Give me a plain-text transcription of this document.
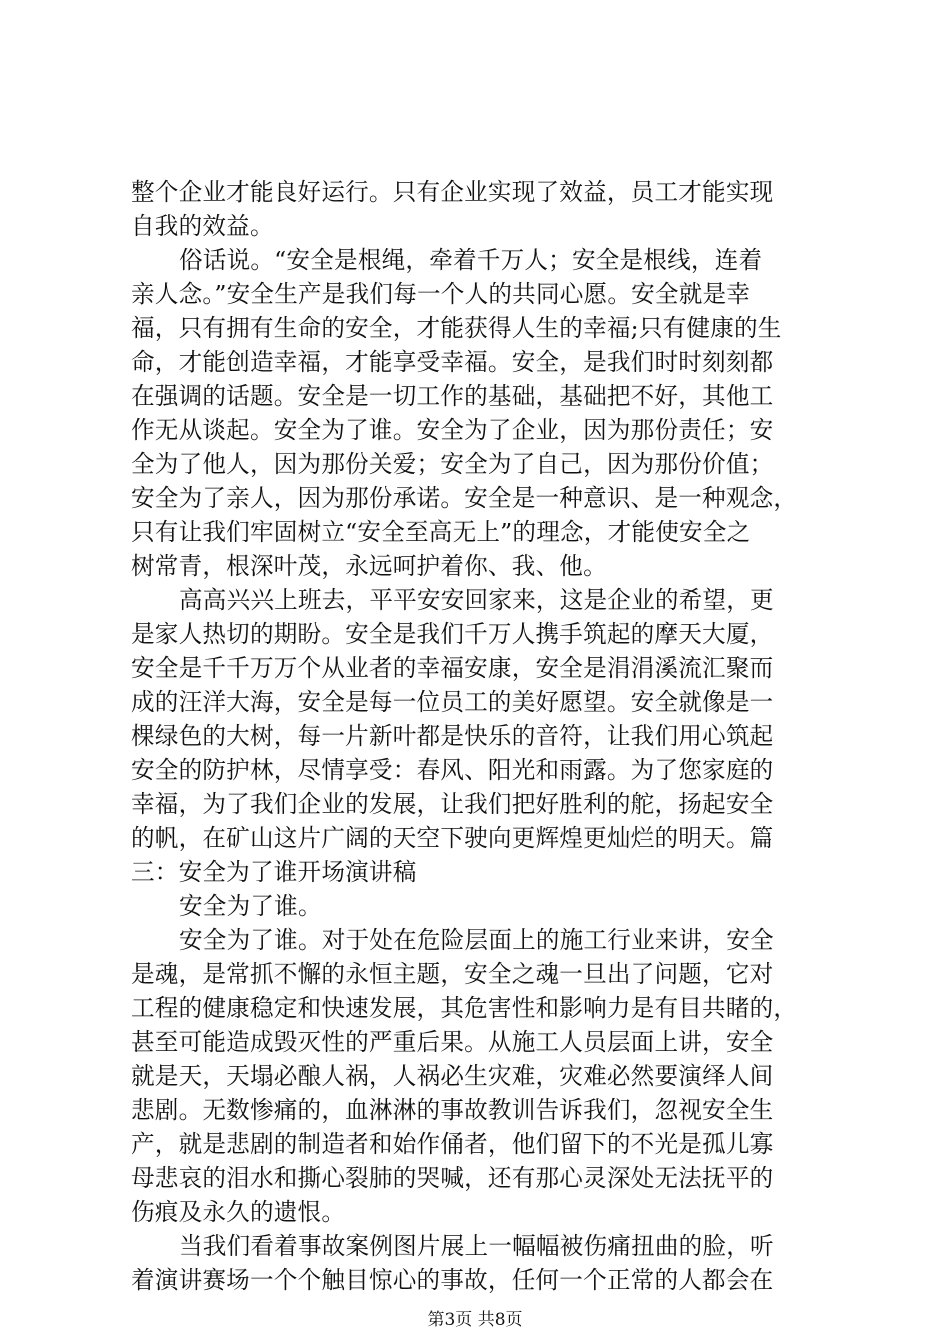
整个企业才能良好运行。只有企业实现了效益，员工才能实现
自我的效益。
俗话说。“安全是根绳，牵着千万人；安全是根线，连着
亲人念。”安全生产是我们每一个人的共同心愿。安全就是幸
福，只有拥有生命的安全，才能获得人生的幸福;只有健康的生
命，才能创造幸福，才能享受幸福。安全，是我们时时刻刻都
在强调的话题。安全是一切工作的基础，基础把不好，其他工
作无从谈起。安全为了谁。安全为了企业，因为那份责任；安
全为了他人，因为那份关爱；安全为了自己，因为那份价值；
安全为了亲人，因为那份承诺。安全是一种意识、是一种观念，
只有让我们牢固树立“安全至高无上”的理念，才能使安全之
树常青，根深叶茂，永远呵护着你、我、他。
高高兴兴上班去，平平安安回家来，这是企业的希望，更
是家人热切的期盼。安全是我们千万人携手筑起的摩天大厦，
安全是千千万万个从业者的幸福安康，安全是涓涓溪流汇聚而
成的汪洋大海，安全是每一位员工的美好愿望。安全就像是一
棵绿色的大树，每一片新叶都是快乐的音符，让我们用心筑起
安全的防护林，尽情享受：春风、阳光和雨露。为了您家庭的
幸福，为了我们企业的发展，让我们把好胜利的舵，扬起安全
的帆，在矿山这片广阔的天空下驶向更辉煌更灿烂的明天。篇
三：安全为了谁开场演讲稿
安全为了谁。
安全为了谁。对于处在危险层面上的施工行业来讲，安全
是魂，是常抓不懈的永恒主题，安全之魂一旦出了问题，它对
工程的健康稳定和快速发展，其危害性和影响力是有目共睹的，
甚至可能造成毁灭性的严重后果。从施工人员层面上讲，安全
就是天，天塌必酿人祸，人祸必生灾难，灾难必然要演绎人间
悲剧。无数惨痛的，血淋淋的事故教训告诉我们，忽视安全生
产，就是悲剧的制造者和始作俑者，他们留下的不光是孤儿寡
母悲哀的泪水和撕心裂肺的哭喊，还有那心灵深处无法抚平的
伤痕及永久的遗恨。
当我们看着事故案例图片展上一幅幅被伤痛扭曲的脸，听
着演讲赛场一个个触目惊心的事故，任何一个正常的人都会在
第3页 共8页
